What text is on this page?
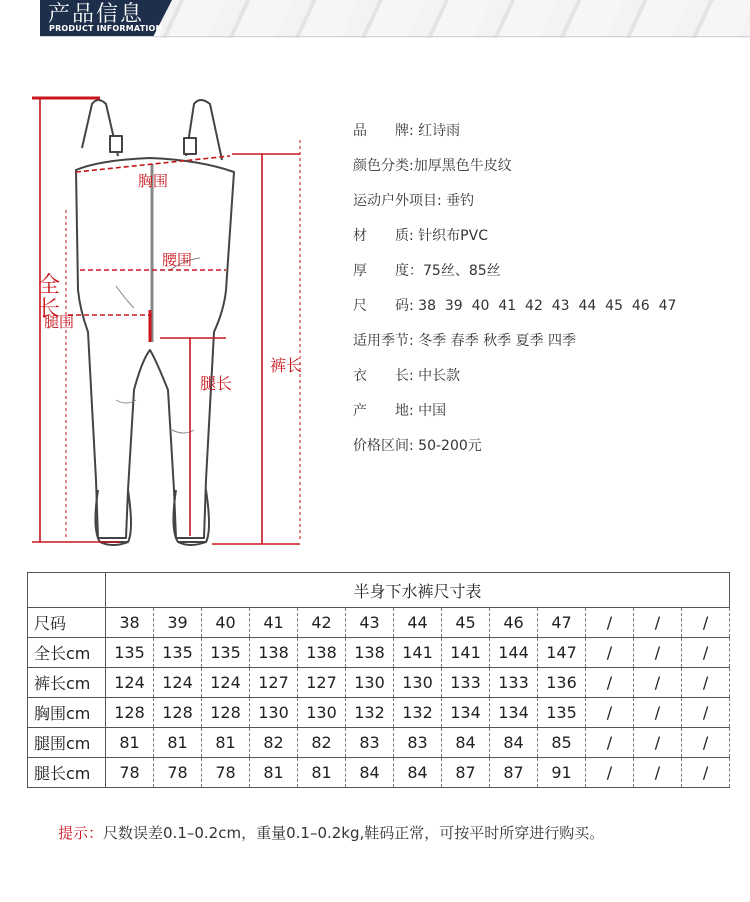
产品信息
PRODUCT INFORMATION
胸围
腰围
全
长
腿围
腿长
裤长
品　　牌: 红诗雨
颜色分类:加厚黑色牛皮纹
运动户外项目: 垂钓
材　　质: 针织布PVC
厚　　度：75丝、85丝
尺　　码: 38  39  40  41  42  43  44  45  46  47
适用季节: 冬季 春季 秋季 夏季 四季
衣　　长: 中长款
产　　地: 中国
价格区间: 50-200元
	半身下水裤尺寸表												
尺码	38	39	40	41	42	43	44	45	46	47	/	/	/
全长cm	135	135	135	138	138	138	141	141	144	147	/	/	/
裤长cm	124	124	124	127	127	130	130	133	133	136	/	/	/
胸围cm	128	128	128	130	130	132	132	134	134	135	/	/	/
腿围cm	81	81	81	82	82	83	83	84	84	85	/	/	/
腿长cm	78	78	78	81	81	84	84	87	87	91	/	/	/
提示：尺数误差0.1–0.2cm，重量0.1–0.2kg,鞋码正常，可按平时所穿进行购买。
